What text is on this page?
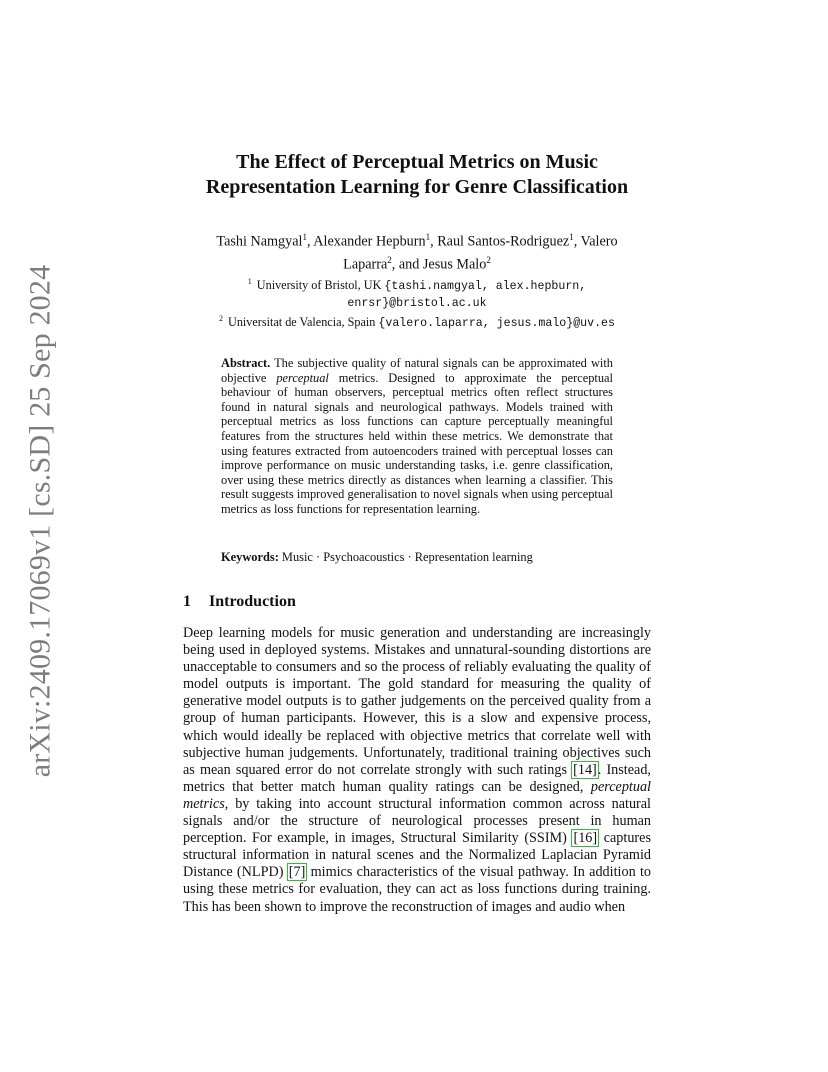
arXiv:2409.17069v1 [cs.SD] 25 Sep 2024
The Effect of Perceptual Metrics on Music
Representation Learning for Genre Classification
Tashi Namgyal$^1$, Alexander Hepburn$^1$, Raul Santos-Rodriguez$^1$, Valero
Laparra$^2$, and Jesus Malo$^2$
$^1$ University of Bristol, UK {tashi.namgyal, alex.hepburn,
enrsr}@bristol.ac.uk
$^2$ Universitat de Valencia, Spain {valero.laparra, jesus.malo}@uv.es
Abstract. The subjective quality of natural signals can be approximated with objective perceptual metrics. Designed to approximate the perceptual behaviour of human observers, perceptual metrics often reflect structures found in natural signals and neurological pathways. Models trained with perceptual metrics as loss functions can capture perceptually meaningful features from the structures held within these metrics. We demonstrate that using features extracted from autoencoders trained with perceptual losses can improve performance on music understanding tasks, i.e. genre classification, over using these metrics directly as distances when learning a classifier. This result suggests improved generalisation to novel signals when using perceptual metrics as loss functions for representation learning.
Keywords: Music · Psychoacoustics · Representation learning
1 Introduction
Deep learning models for music generation and understanding are increasingly being used in deployed systems. Mistakes and unnatural-sounding distortions are unacceptable to consumers and so the process of reliably evaluating the quality of model outputs is important. The gold standard for measuring the quality of generative model outputs is to gather judgements on the perceived quality from a group of human participants. However, this is a slow and expensive process, which would ideally be replaced with objective metrics that correlate well with subjective human judgements. Unfortunately, traditional training objectives such as mean squared error do not correlate strongly with such ratings [14]. Instead, metrics that better match human quality ratings can be designed, perceptual metrics, by taking into account structural information common across natural signals and/or the structure of neurological processes present in human perception. For example, in images, Structural Similarity (SSIM) [16] captures structural information in natural scenes and the Normalized Laplacian Pyramid Distance (NLPD) [7] mimics characteristics of the visual pathway. In addition to using these metrics for evaluation, they can act as loss functions during training. This has been shown to improve the reconstruction of images and audio when
